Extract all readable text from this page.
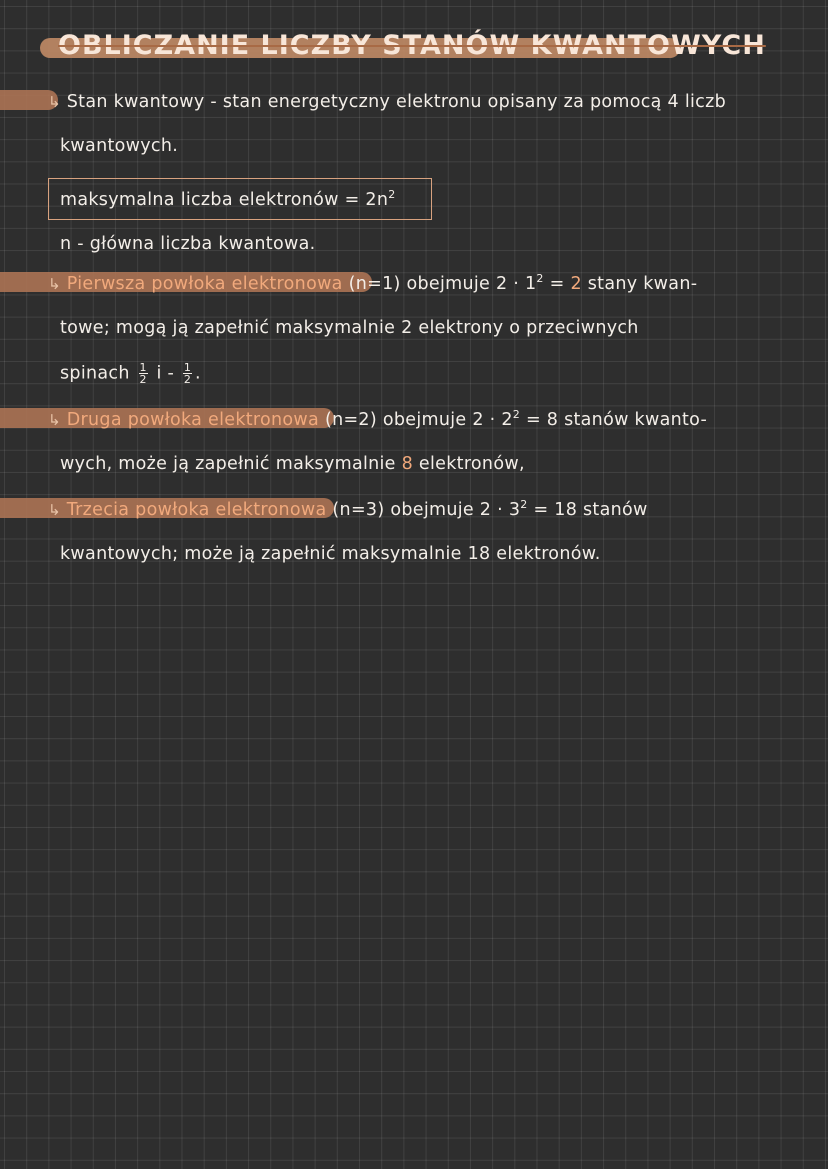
OBLICZANIE LICZBY STANÓW KWANTOWYCH
↳ Stan kwantowy - stan energetyczny elektronu opisany za pomocą 4 liczb
kwantowych.
maksymalna liczba elektronów = $2n^2$
n - główna liczba kwantowa.
↳ Pierwsza powłoka elektronowa (n=1) obejmuje $2 \cdot 1^2 = 2$ stany kwan-
towe; mogą ją zapełnić maksymalnie 2 elektrony o przeciwnych
spinach $\frac{1}{2}$ i - $\frac{1}{2}$ .
↳ Druga powłoka elektronowa (n=2) obejmuje $2 \cdot 2^2 = 8$ stanów kwanto-
wych, może ją zapełnić maksymalnie 8 elektronów,
↳ Trzecia powłoka elektronowa (n=3) obejmuje $2 \cdot 3^2 = 18$ stanów
kwantowych; może ją zapełnić maksymalnie 18 elektronów.
